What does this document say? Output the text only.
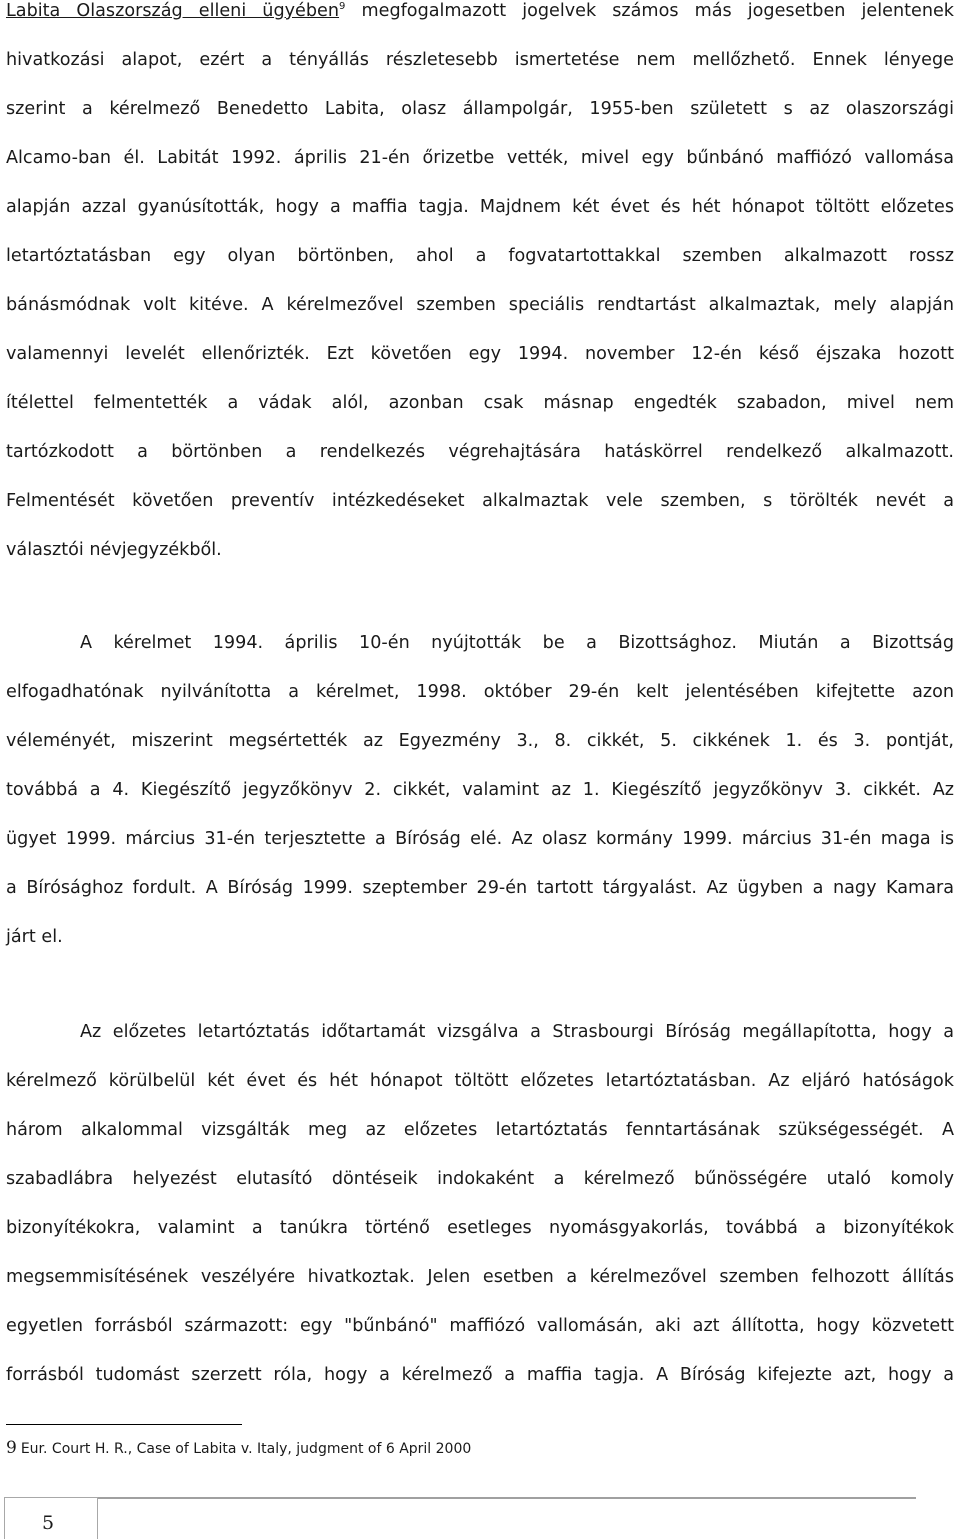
Labita Olaszország elleni ügyében$^9$ megfogalmazott jogelvek számos más jogesetben jelentenek
hivatkozási alapot, ezért a tényállás részletesebb ismertetése nem mellőzhető. Ennek lényege
szerint a kérelmező Benedetto Labita, olasz állampolgár, 1955-ben született s az olaszországi
Alcamo-ban él. Labitát 1992. április 21-én őrizetbe vették, mivel egy bűnbánó maffiózó vallomása
alapján azzal gyanúsították, hogy a maffia tagja. Majdnem két évet és hét hónapot töltött előzetes
letartóztatásban egy olyan börtönben, ahol a fogvatartottakkal szemben alkalmazott rossz
bánásmódnak volt kitéve. A kérelmezővel szemben speciális rendtartást alkalmaztak, mely alapján
valamennyi levelét ellenőrizték. Ezt követően egy 1994. november 12-én késő éjszaka hozott
ítélettel felmentették a vádak alól, azonban csak másnap engedték szabadon, mivel nem
tartózkodott a börtönben a rendelkezés végrehajtására hatáskörrel rendelkező alkalmazott.
Felmentését követően preventív intézkedéseket alkalmaztak vele szemben, s törölték nevét a
választói névjegyzékből.
A kérelmet 1994. április 10-én nyújtották be a Bizottsághoz. Miután a Bizottság
elfogadhatónak nyilvánította a kérelmet, 1998. október 29-én kelt jelentésében kifejtette azon
véleményét, miszerint megsértették az Egyezmény 3., 8. cikkét, 5. cikkének 1. és 3. pontját,
továbbá a 4. Kiegészítő jegyzőkönyv 2. cikkét, valamint az 1. Kiegészítő jegyzőkönyv 3. cikkét. Az
ügyet 1999. március 31-én terjesztette a Bíróság elé. Az olasz kormány 1999. március 31-én maga is
a Bírósághoz fordult. A Bíróság 1999. szeptember 29-én tartott tárgyalást. Az ügyben a nagy Kamara
járt el.
Az előzetes letartóztatás időtartamát vizsgálva a Strasbourgi Bíróság megállapította, hogy a
kérelmező körülbelül két évet és hét hónapot töltött előzetes letartóztatásban. Az eljáró hatóságok
három alkalommal vizsgálták meg az előzetes letartóztatás fenntartásának szükségességét. A
szabadlábra helyezést elutasító döntéseik indokaként a kérelmező bűnösségére utaló komoly
bizonyítékokra, valamint a tanúkra történő esetleges nyomásgyakorlás, továbbá a bizonyítékok
megsemmisítésének veszélyére hivatkoztak. Jelen esetben a kérelmezővel szemben felhozott állítás
egyetlen forrásból származott: egy "bűnbánó" maffiózó vallomásán, aki azt állította, hogy közvetett
forrásból tudomást szerzett róla, hogy a kérelmező a maffia tagja. A Bíróság kifejezte azt, hogy a
9 Eur. Court H. R., Case of Labita v. Italy, judgment of 6 April 2000
5
